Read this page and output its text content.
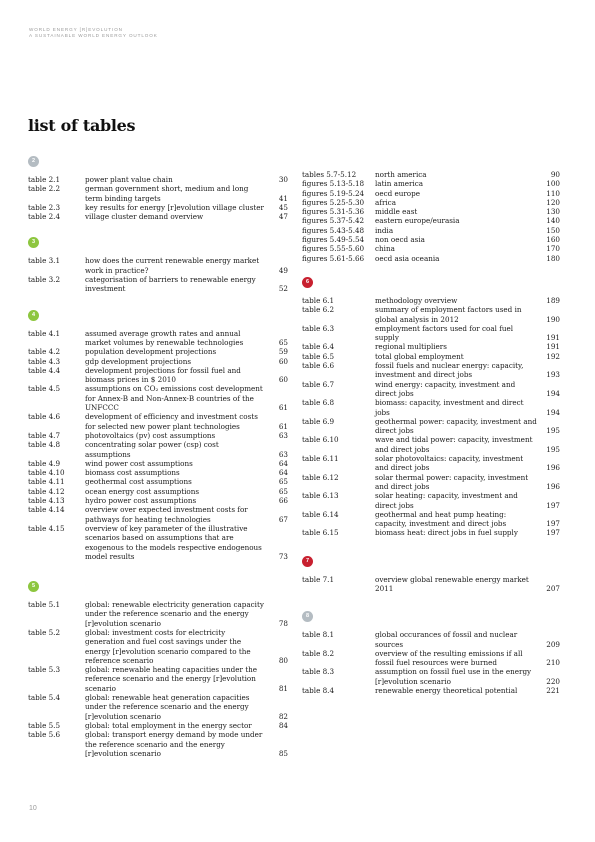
WORLD ENERGY [R]EVOLUTION
A SUSTAINABLE WORLD ENERGY OUTLOOK
list of tables
2
table 2.1	power plant value chain	30
table 2.2	german government short, medium and long term binding targets	41
table 2.3	key results for energy [r]evolution village cluster	45
table 2.4	village cluster demand overview	47
3
table 3.1	how does the current renewable energy market work in practice?	49
table 3.2	categorisation of barriers to renewable energy investment	52
4
table 4.1	assumed average growth rates and annual market volumes by renewable technologies	65
table 4.2	population development projections	59
table 4.3	gdp development projections	60
table 4.4	development projections for fossil fuel and biomass prices in $ 2010	60
table 4.5	assumptions on CO₂ emissions cost development for Annex-B and Non-Annex-B countries of the UNFCCC	61
table 4.6	development of efficiency and investment costs for selected new power plant technologies	61
table 4.7	photovoltaics (pv) cost assumptions	63
table 4.8	concentrating solar power (csp) cost assumptions	63
table 4.9	wind power cost assumptions	64
table 4.10	biomass cost assumptions	64
table 4.11	geothermal cost assumptions	65
table 4.12	ocean energy cost assumptions	65
table 4.13	hydro power cost assumptions	66
table 4.14	overview over expected investment costs for pathways for heating technologies	67
table 4.15	overview of key parameter of the illustrative scenarios based on assumptions that are exogenous to the models respective endogenous model results	73
5
table 5.1	global: renewable electricity generation capacity under the reference scenario and the energy [r]evolution scenario	78
table 5.2	global: investment costs for electricity generation and fuel cost savings under the energy [r]evolution scenario compared to the reference scenario	80
table 5.3	global: renewable heating capacities under the reference scenario and the energy [r]evolution scenario	81
table 5.4	global: renewable heat generation capacities under the reference scenario and the energy [r]evolution scenario	82
table 5.5	global: total employment in the energy sector	84
table 5.6	global: transport energy demand by mode under the reference scenario and the energy [r]evolution scenario	85
tables 5.7-5.12	north america	90
figures 5.13-5.18	latin america	100
figures 5.19-5.24	oecd europe	110
figures 5.25-5.30	africa	120
figures 5.31-5.36	middle east	130
figures 5.37-5.42	eastern europe/eurasia	140
figures 5.43-5.48	india	150
figures 5.49-5.54	non oecd asia	160
figures 5.55-5.60	china	170
figures 5.61-5.66	oecd asia oceania	180
6
table 6.1	methodology overview	189
table 6.2	summary of employment factors used in global analysis in 2012	190
table 6.3	employment factors used for coal fuel supply	191
table 6.4	regional multipliers	191
table 6.5	total global employment	192
table 6.6	fossil fuels and nuclear energy: capacity, investment and direct jobs	193
table 6.7	wind energy: capacity, investment and direct jobs	194
table 6.8	biomass: capacity, investment and direct jobs	194
table 6.9	geothermal power: capacity, investment and direct jobs	195
table 6.10	wave and tidal power: capacity, investment and direct jobs	195
table 6.11	solar photovoltaics: capacity, investment and direct jobs	196
table 6.12	solar thermal power: capacity, investment and direct jobs	196
table 6.13	solar heating: capacity, investment and direct jobs	197
table 6.14	geothermal and heat pump heating: capacity, investment and direct jobs	197
table 6.15	biomass heat: direct jobs in fuel supply	197
7
table 7.1	overview global renewable energy market 2011	207
8
table 8.1	global occurances of fossil and nuclear sources	209
table 8.2	overview of the resulting emissions if all fossil fuel resources were burned	210
table 8.3	assumption on fossil fuel use in the energy [r]evolution scenario	220
table 8.4	renewable energy theoretical potential	221
10
